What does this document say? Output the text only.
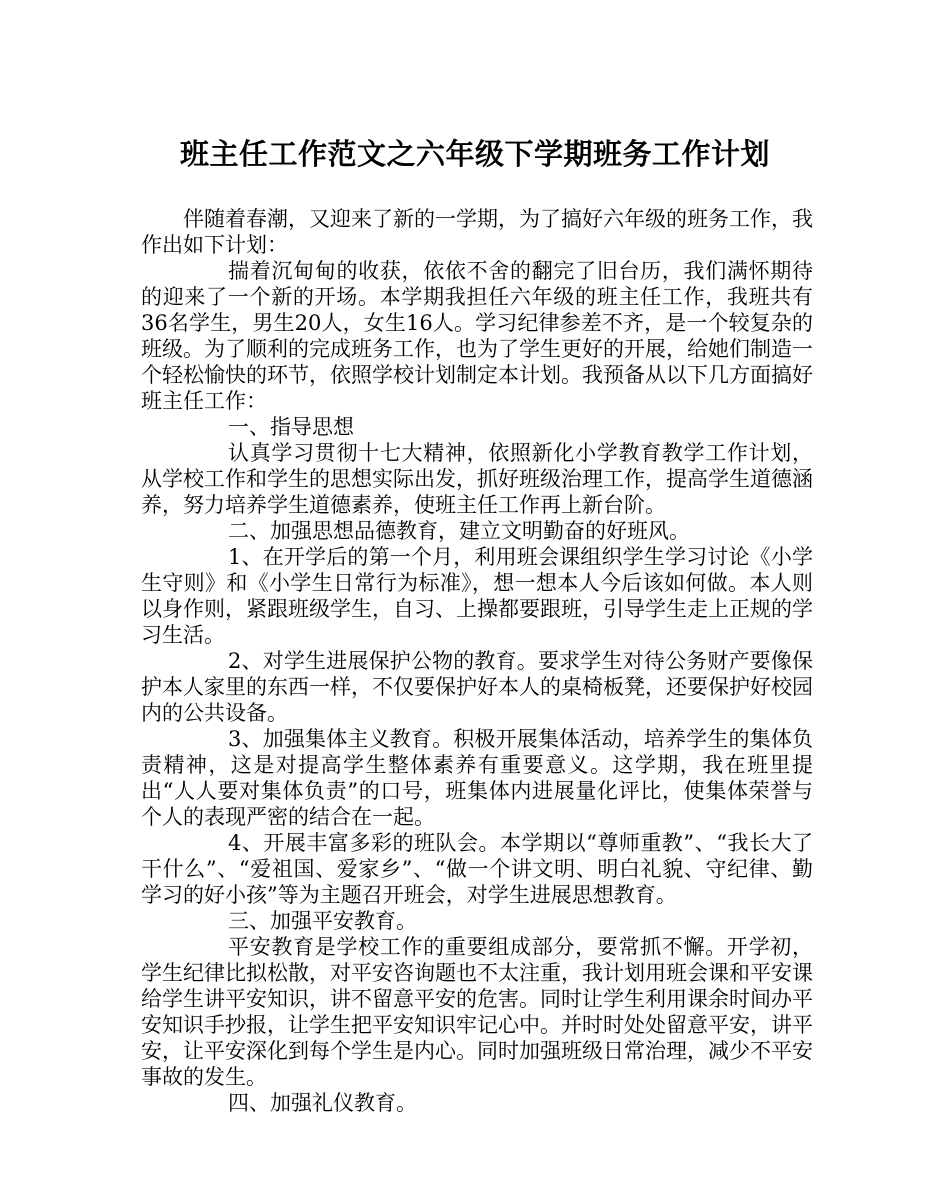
班主任工作范文之六年级下学期班务工作计划

伴随着春潮，又迎来了新的一学期，为了搞好六年级的班务工作，我作出如下计划：

揣着沉甸甸的收获，依依不舍的翻完了旧台历，我们满怀期待的迎来了一个新的开场。本学期我担任六年级的班主任工作，我班共有36名学生，男生20人，女生16人。学习纪律参差不齐，是一个较复杂的班级。为了顺利的完成班务工作，也为了学生更好的开展，给她们制造一个轻松愉快的环节，依照学校计划制定本计划。我预备从以下几方面搞好班主任工作：

一、指导思想

认真学习贯彻十七大精神，依照新化小学教育教学工作计划，从学校工作和学生的思想实际出发，抓好班级治理工作，提高学生道德涵养，努力培养学生道德素养，使班主任工作再上新台阶。

二、加强思想品德教育，建立文明勤奋的好班风。

1、在开学后的第一个月，利用班会课组织学生学习讨论《小学生守则》和《小学生日常行为标准》，想一想本人今后该如何做。本人则以身作则，紧跟班级学生，自习、上操都要跟班，引导学生走上正规的学习生活。

2、对学生进展保护公物的教育。要求学生对待公务财产要像保护本人家里的东西一样，不仅要保护好本人的桌椅板凳，还要保护好校园内的公共设备。

3、加强集体主义教育。积极开展集体活动，培养学生的集体负责精神，这是对提高学生整体素养有重要意义。这学期，我在班里提出“人人要对集体负责”的口号，班集体内进展量化评比，使集体荣誉与个人的表现严密的结合在一起。

4、开展丰富多彩的班队会。本学期以“尊师重教”、“我长大了干什么”、“爱祖国、爱家乡”、“做一个讲文明、明白礼貌、守纪律、勤学习的好小孩”等为主题召开班会，对学生进展思想教育。

三、加强平安教育。

平安教育是学校工作的重要组成部分，要常抓不懈。开学初，学生纪律比拟松散，对平安咨询题也不太注重，我计划用班会课和平安课给学生讲平安知识，讲不留意平安的危害。同时让学生利用课余时间办平安知识手抄报，让学生把平安知识牢记心中。并时时处处留意平安，讲平安，让平安深化到每个学生是内心。同时加强班级日常治理，减少不平安事故的发生。

四、加强礼仪教育。
